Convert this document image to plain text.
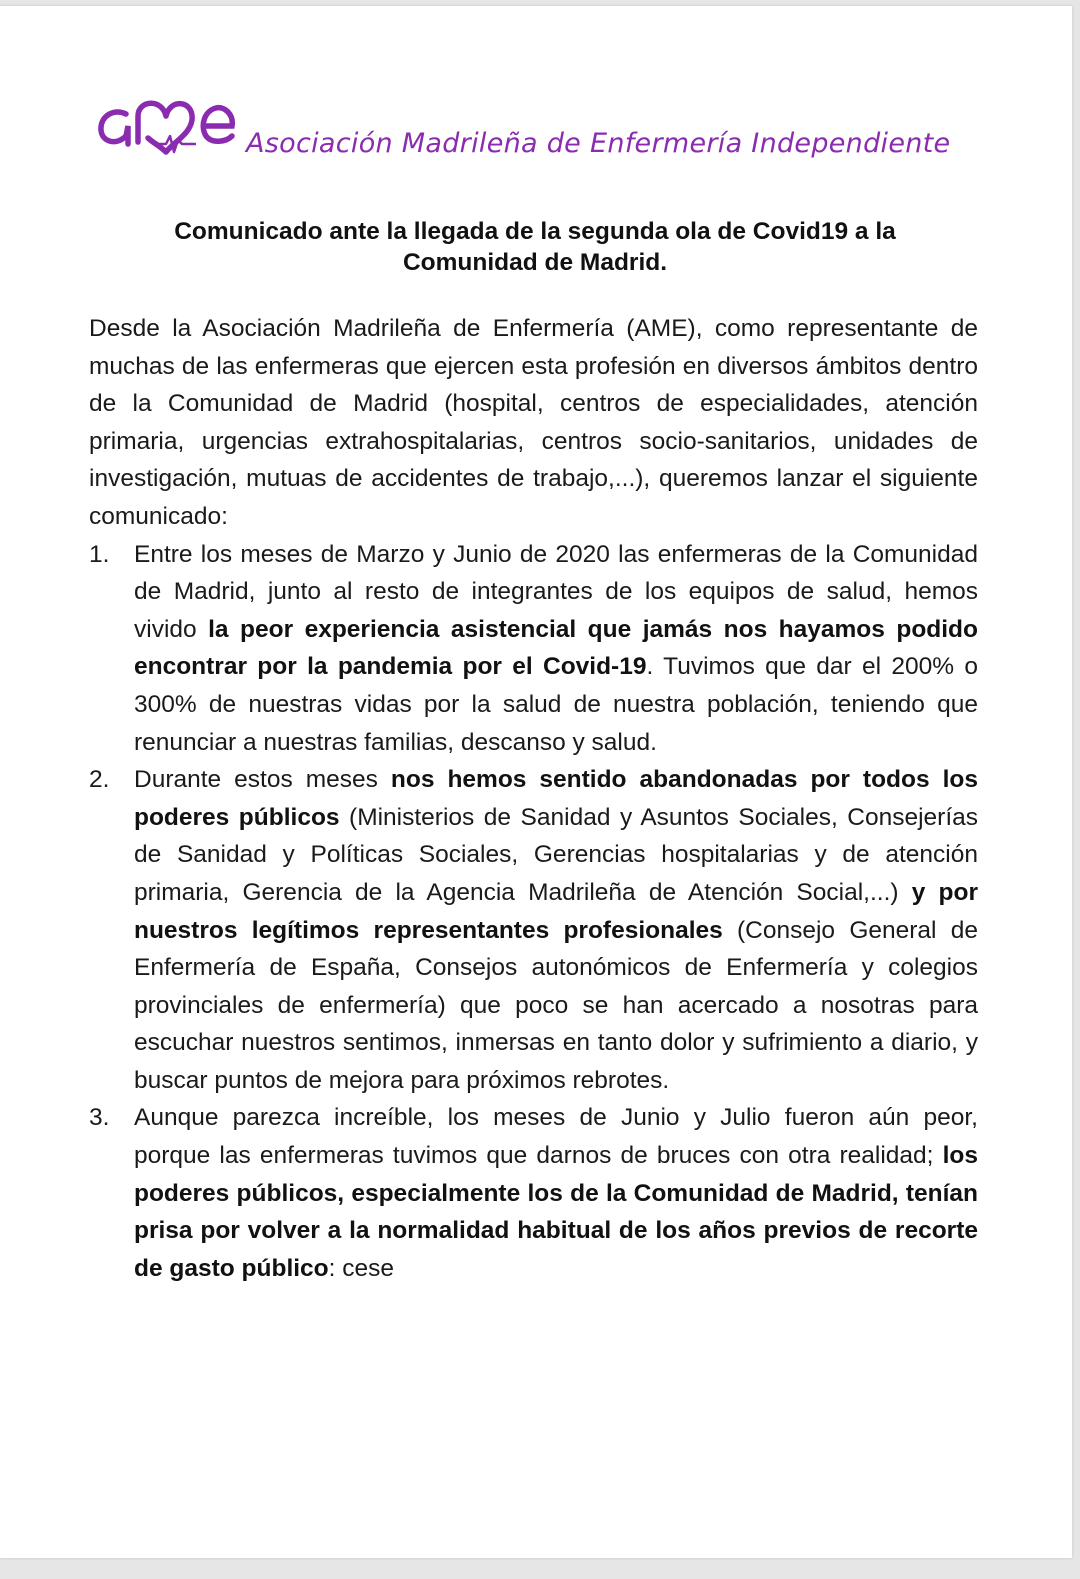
Asociación Madrileña de Enfermería Independiente
Comunicado ante la llegada de la segunda ola de Covid19 a la
Comunidad de Madrid.

Desde la Asociación Madrileña de Enfermería (AME), como representante de muchas de las enfermeras que ejercen esta profesión en diversos ámbitos dentro de la Comunidad de Madrid (hospital, centros de especialidades, atención primaria, urgencias extrahospitalarias, centros socio-sanitarios, unidades de investigación, mutuas de accidentes de trabajo,...), queremos lanzar el siguiente comunicado:

1. Entre los meses de Marzo y Junio de 2020 las enfermeras de la Comunidad de Madrid, junto al resto de integrantes de los equipos de salud, hemos vivido la peor experiencia asistencial que jamás nos hayamos podido encontrar por la pandemia por el Covid-19. Tuvimos que dar el 200% o 300% de nuestras vidas por la salud de nuestra población, teniendo que renunciar a nuestras familias, descanso y salud.
2. Durante estos meses nos hemos sentido abandonadas por todos los poderes públicos (Ministerios de Sanidad y Asuntos Sociales, Consejerías de Sanidad y Políticas Sociales, Gerencias hospitalarias y de atención primaria, Gerencia de la Agencia Madrileña de Atención Social,...) y por nuestros legítimos representantes profesionales (Consejo General de Enfermería de España, Consejos autonómicos de Enfermería y colegios provinciales de enfermería) que poco se han acercado a nosotras para escuchar nuestros sentimos, inmersas en tanto dolor y sufrimiento a diario, y buscar puntos de mejora para próximos rebrotes.
3. Aunque parezca increíble, los meses de Junio y Julio fueron aún peor, porque las enfermeras tuvimos que darnos de bruces con otra realidad; los poderes públicos, especialmente los de la Comunidad de Madrid, tenían prisa por volver a la normalidad habitual de los años previos de recorte de gasto público: cese
